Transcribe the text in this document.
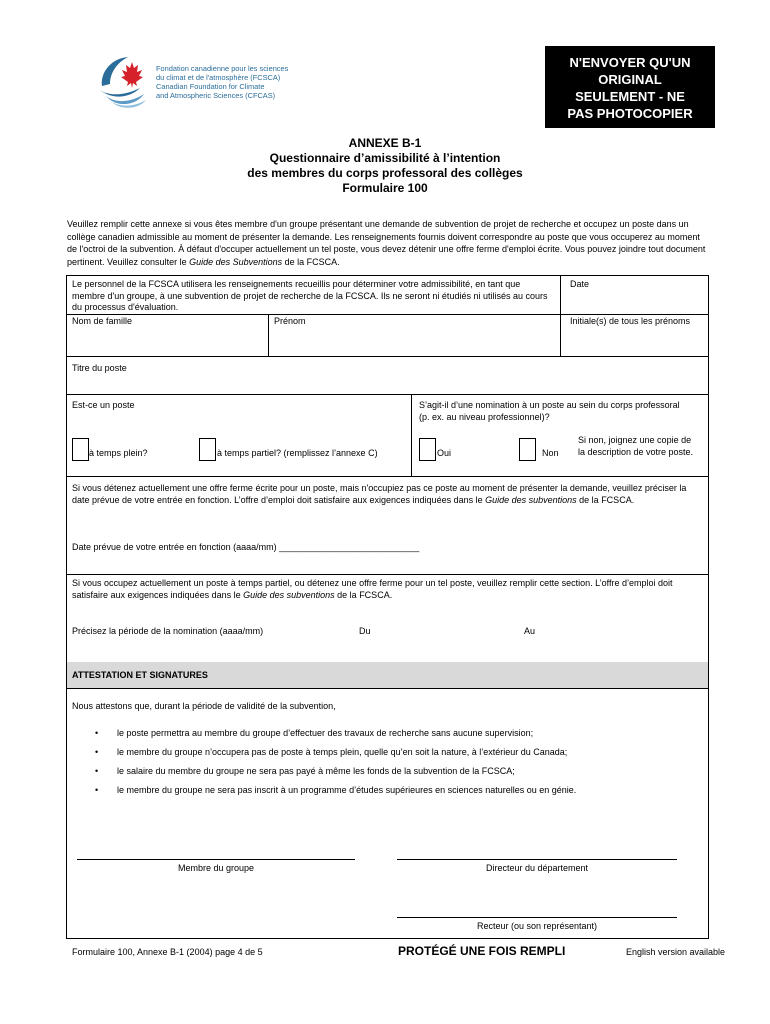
Fondation canadienne pour les sciences
du climat et de l'atmosphère (FCSCA)
Canadian Foundation for Climate
and Atmospheric Sciences (CFCAS)
N'ENVOYER QU'UN
ORIGINAL
SEULEMENT - NE
PAS PHOTOCOPIER
ANNEXE B-1
Questionnaire d’amissibilité à l’intention
des membres du corps professoral des collèges
Formulaire 100
Veuillez remplir cette annexe si vous êtes membre d'un groupe présentant une demande de subvention de projet de recherche et occupez un poste dans un collège canadien admissible au moment de présenter la demande. Les renseignements fournis doivent correspondre au poste que vous occuperez au moment de l'octroi de la subvention. À défaut d'occuper actuellement un tel poste, vous devez détenir une offre ferme d'emploi écrite. Vous pouvez joindre tout document pertinent. Veuillez consulter le Guide des Subventions de la FCSCA.
Le personnel de la FCSCA utilisera les renseignements recueillis pour déterminer votre admissibilité, en tant que membre d'un groupe, à une subvention de projet de recherche de la FCSCA. Ils ne seront ni étudiés ni utilisés au cours du processus d'évaluation.
Date
Nom de famille	Prénom	Initiale(s) de tous les prénoms
Titre du poste
Est-ce un poste	S’agit-il d’une nomination à un poste au sein du corps professoral (p. ex. au niveau professionnel)?
à temps plein?	à temps partiel? (remplissez l’annexe C)	Oui	Non
Si non, joignez une copie de la description de votre poste.
Si vous détenez actuellement une offre ferme écrite pour un poste, mais n'occupiez pas ce poste au moment de présenter la demande, veuillez préciser la date prévue de votre entrée en fonction. L’offre d’emploi doit satisfaire aux exigences indiquées dans le Guide des subventions de la FCSCA.
Date prévue de votre entrée en fonction (aaaa/mm) ____________________________
Si vous occupez actuellement un poste à temps partiel, ou détenez une offre ferme pour un tel poste, veuillez remplir cette section. L’offre d’emploi doit satisfaire aux exigences indiquées dans le Guide des subventions de la FCSCA.
Précisez la période de la nomination (aaaa/mm)	Du	Au
ATTESTATION ET SIGNATURES
Nous attestons que, durant la période de validité de la subvention,
• le poste permettra au membre du groupe d’effectuer des travaux de recherche sans aucune supervision;
• le membre du groupe n’occupera pas de poste à temps plein, quelle qu’en soit la nature, à l’extérieur du Canada;
• le salaire du membre du groupe ne sera pas payé à même les fonds de la subvention de la FCSCA;
• le membre du groupe ne sera pas inscrit à un programme d’études supérieures en sciences naturelles ou en génie.
Membre du groupe	Directeur du département
Recteur (ou son représentant)
Formulaire 100, Annexe B-1 (2004) page 4 de 5	PROTÉGÉ UNE FOIS REMPLI	English version available
